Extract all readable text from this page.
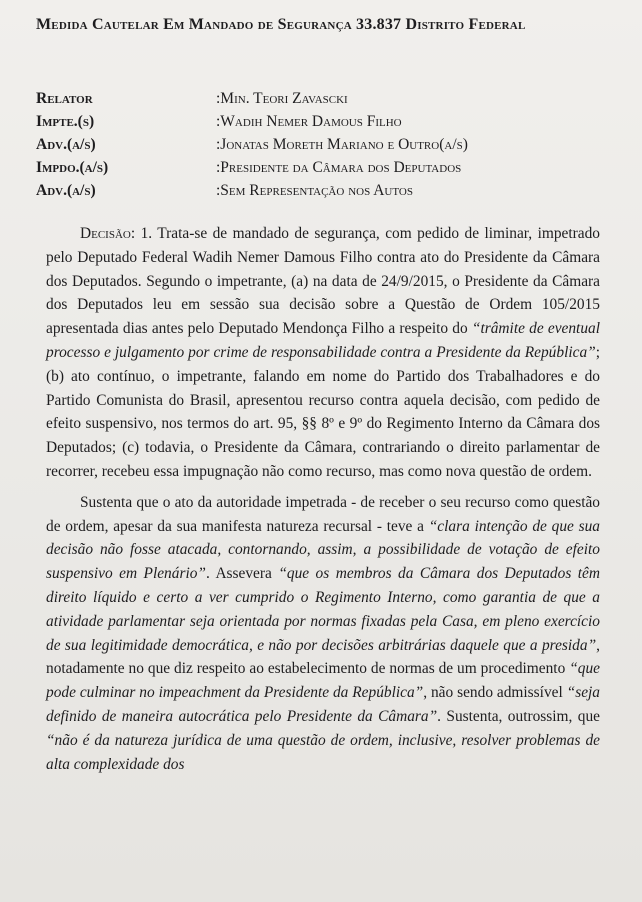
Medida Cautelar Em Mandado de Segurança 33.837 Distrito Federal
Relator	:Min. Teori Zavascki
Impte.(s)	:Wadih Nemer Damous Filho
Adv.(a/s)	:Jonatas Moreth Mariano e Outro(a/s)
Impdo.(a/s)	:Presidente da Câmara dos Deputados
Adv.(a/s)	:Sem Representação nos Autos

Decisão: 1. Trata-se de mandado de segurança, com pedido de liminar, impetrado pelo Deputado Federal Wadih Nemer Damous Filho contra ato do Presidente da Câmara dos Deputados. Segundo o impetrante, (a) na data de 24/9/2015, o Presidente da Câmara dos Deputados leu em sessão sua decisão sobre a Questão de Ordem 105/2015 apresentada dias antes pelo Deputado Mendonça Filho a respeito do “trâmite de eventual processo e julgamento por crime de responsabilidade contra a Presidente da República”; (b) ato contínuo, o impetrante, falando em nome do Partido dos Trabalhadores e do Partido Comunista do Brasil, apresentou recurso contra aquela decisão, com pedido de efeito suspensivo, nos termos do art. 95, §§ 8º e 9º do Regimento Interno da Câmara dos Deputados; (c) todavia, o Presidente da Câmara, contrariando o direito parlamentar de recorrer, recebeu essa impugnação não como recurso, mas como nova questão de ordem.

Sustenta que o ato da autoridade impetrada - de receber o seu recurso como questão de ordem, apesar da sua manifesta natureza recursal - teve a “clara intenção de que sua decisão não fosse atacada, contornando, assim, a possibilidade de votação de efeito suspensivo em Plenário”. Assevera “que os membros da Câmara dos Deputados têm direito líquido e certo a ver cumprido o Regimento Interno, como garantia de que a atividade parlamentar seja orientada por normas fixadas pela Casa, em pleno exercício de sua legitimidade democrática, e não por decisões arbitrárias daquele que a presida”, notadamente no que diz respeito ao estabelecimento de normas de um procedimento “que pode culminar no impeachment da Presidente da República”, não sendo admissível “seja definido de maneira autocrática pelo Presidente da Câmara”. Sustenta, outrossim, que “não é da natureza jurídica de uma questão de ordem, inclusive, resolver problemas de alta complexidade dos
